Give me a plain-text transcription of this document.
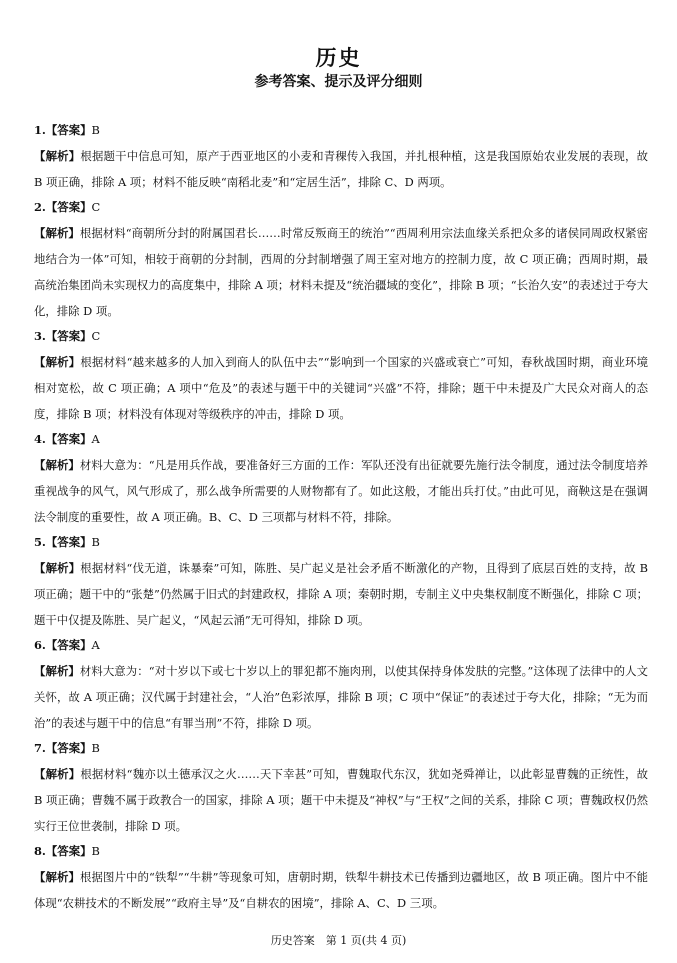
历史
参考答案、提示及评分细则
1.【答案】B

【解析】根据题干中信息可知，原产于西亚地区的小麦和青稞传入我国，并扎根种植，这是我国原始农业发展的表现，故 B 项正确，排除 A 项；材料不能反映“南稻北麦”和“定居生活”，排除 C、D 两项。

2.【答案】C

【解析】根据材料“商朝所分封的附属国君长……时常反叛商王的统治”“西周利用宗法血缘关系把众多的诸侯同周政权紧密地结合为一体”可知，相较于商朝的分封制，西周的分封制增强了周王室对地方的控制力度，故 C 项正确；西周时期，最高统治集团尚未实现权力的高度集中，排除 A 项；材料未提及“统治疆域的变化”，排除 B 项；“长治久安”的表述过于夸大化，排除 D 项。

3.【答案】C

【解析】根据材料“越来越多的人加入到商人的队伍中去”“影响到一个国家的兴盛或衰亡”可知，春秋战国时期，商业环境相对宽松，故 C 项正确；A 项中“危及”的表述与题干中的关键词“兴盛”不符，排除；题干中未提及广大民众对商人的态度，排除 B 项；材料没有体现对等级秩序的冲击，排除 D 项。

4.【答案】A

【解析】材料大意为：“凡是用兵作战，要准备好三方面的工作：军队还没有出征就要先施行法令制度，通过法令制度培养重视战争的风气，风气形成了，那么战争所需要的人财物都有了。如此这般，才能出兵打仗。”由此可见，商鞅这是在强调法令制度的重要性，故 A 项正确。B、C、D 三项都与材料不符，排除。

5.【答案】B

【解析】根据材料“伐无道，诛暴秦”可知，陈胜、吴广起义是社会矛盾不断激化的产物，且得到了底层百姓的支持，故 B 项正确；题干中的“张楚”仍然属于旧式的封建政权，排除 A 项；秦朝时期，专制主义中央集权制度不断强化，排除 C 项；题干中仅提及陈胜、吴广起义，“风起云涌”无可得知，排除 D 项。

6.【答案】A

【解析】材料大意为：“对十岁以下或七十岁以上的罪犯都不施肉刑，以使其保持身体发肤的完整。”这体现了法律中的人文关怀，故 A 项正确；汉代属于封建社会，“人治”色彩浓厚，排除 B 项；C 项中“保证”的表述过于夸大化，排除；“无为而治”的表述与题干中的信息“有罪当刑”不符，排除 D 项。

7.【答案】B

【解析】根据材料“魏亦以土德承汉之火……天下幸甚”可知，曹魏取代东汉，犹如尧舜禅让，以此彰显曹魏的正统性，故 B 项正确；曹魏不属于政教合一的国家，排除 A 项；题干中未提及“神权”与“王权”之间的关系，排除 C 项；曹魏政权仍然实行王位世袭制，排除 D 项。

8.【答案】B

【解析】根据图片中的“铁犁”“牛耕”等现象可知，唐朝时期，铁犁牛耕技术已传播到边疆地区，故 B 项正确。图片中不能体现“农耕技术的不断发展”“政府主导”及“自耕农的困境”，排除 A、C、D 三项。

历史答案　第 1 页(共 4 页)
